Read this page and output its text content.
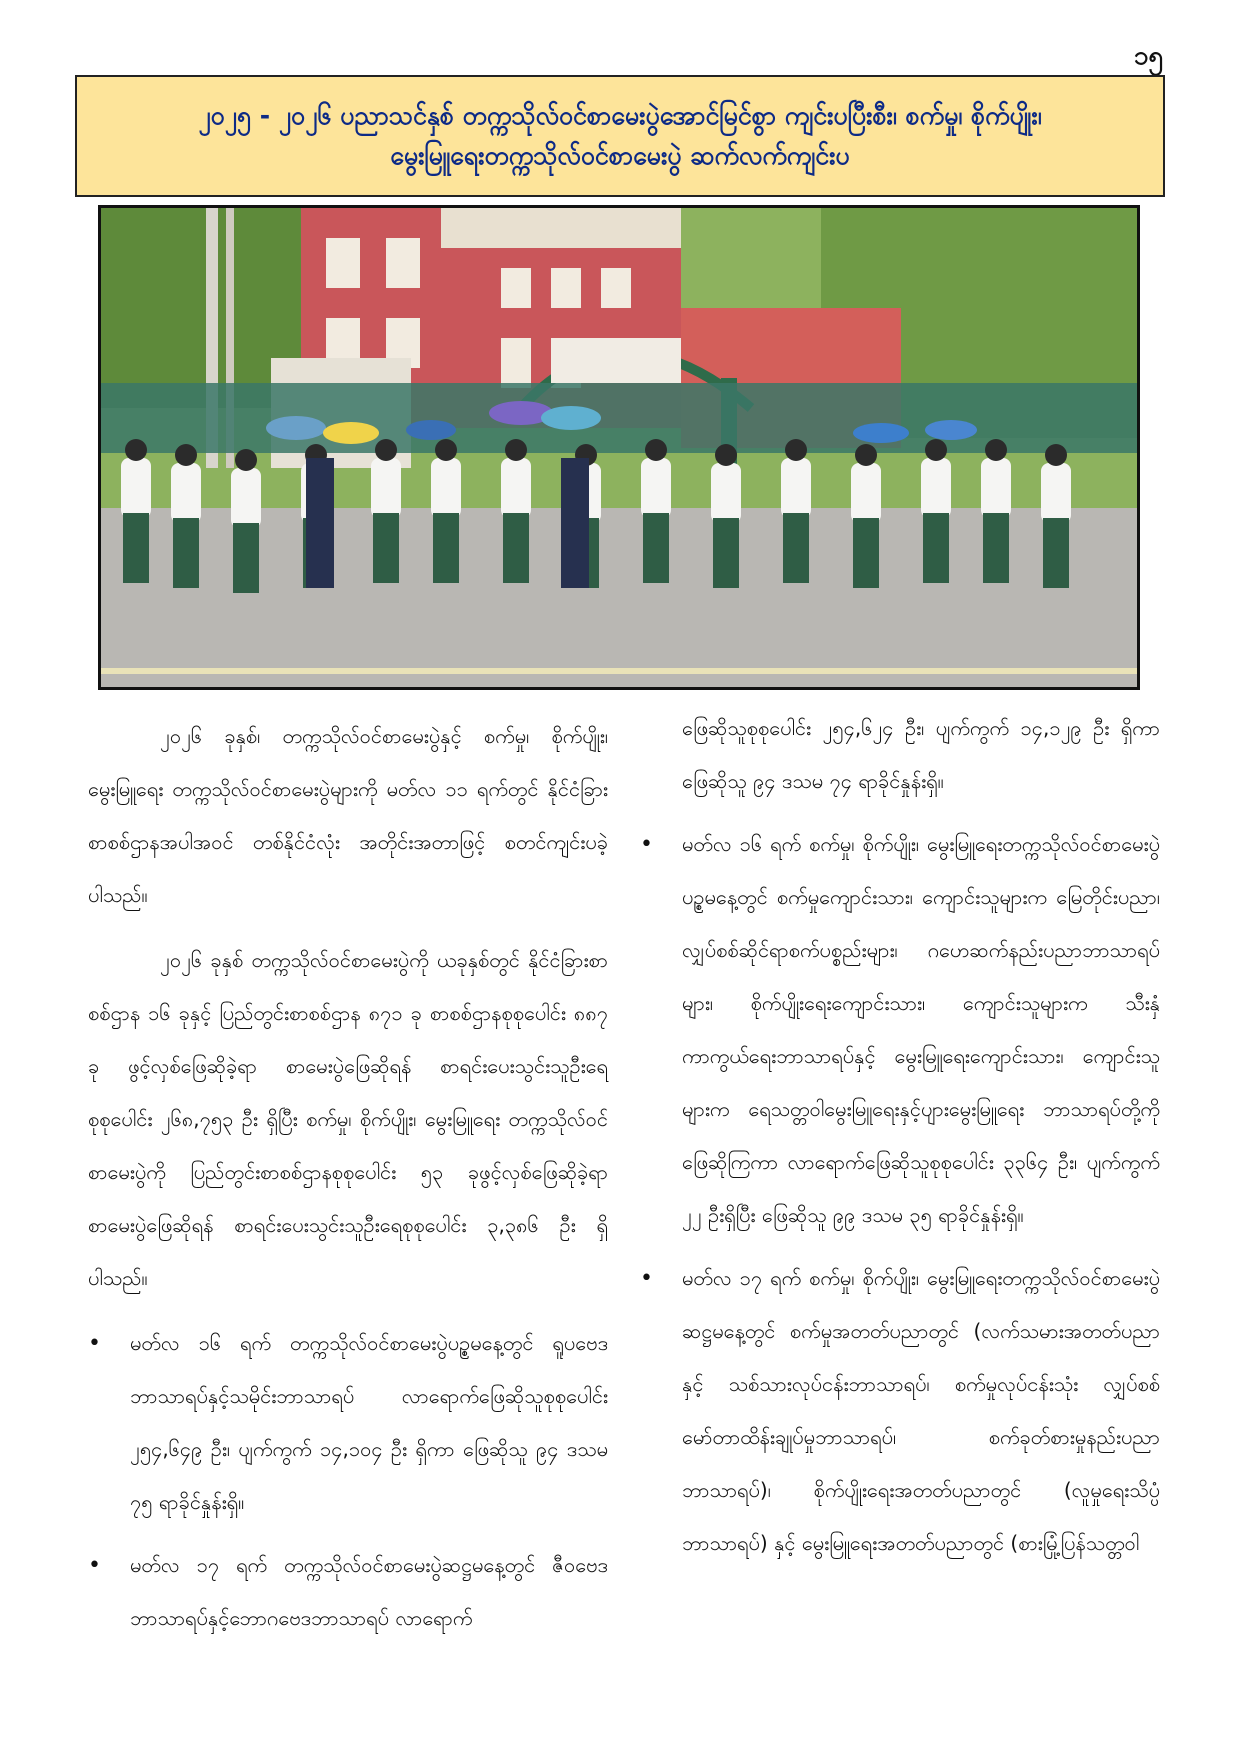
၁၅
၂၀၂၅ - ၂၀၂၆ ပညာသင်နှစ် တက္ကသိုလ်ဝင်စာမေးပွဲအောင်မြင်စွာ ကျင်းပပြီးစီး၊ စက်မှု၊ စိုက်ပျိုး၊
မွေးမြူရေးတက္ကသိုလ်ဝင်စာမေးပွဲ ဆက်လက်ကျင်းပ

၂၀၂၆ ခုနှစ်၊ တက္ကသိုလ်ဝင်စာမေးပွဲနှင့် စက်မှု၊ စိုက်ပျိုး၊ မွေးမြူရေး တက္ကသိုလ်ဝင်စာမေးပွဲများကို မတ်လ ၁၁ ရက်တွင် နိုင်ငံခြားစာစစ်ဌာနအပါအဝင် တစ်နိုင်ငံလုံး အတိုင်းအတာဖြင့် စတင်ကျင်းပခဲ့ပါသည်။

၂၀၂၆ ခုနှစ် တက္ကသိုလ်ဝင်စာမေးပွဲကို ယခုနှစ်တွင် နိုင်ငံခြားစာစစ်ဌာန ၁၆ ခုနှင့် ပြည်တွင်းစာစစ်ဌာန ၈၇၁ ခု စာစစ်ဌာနစုစုပေါင်း ၈၈၇ ခု ဖွင့်လှစ်ဖြေဆိုခဲ့ရာ စာမေးပွဲဖြေဆိုရန် စာရင်းပေးသွင်းသူဦးရေ စုစုပေါင်း ၂၆၈,၇၅၃ ဦး ရှိပြီး စက်မှု၊ စိုက်ပျိုး၊ မွေးမြူရေး တက္ကသိုလ်ဝင်စာမေးပွဲကို ပြည်တွင်းစာစစ်ဌာနစုစုပေါင်း ၅၃ ခုဖွင့်လှစ်ဖြေဆိုခဲ့ရာ စာမေးပွဲဖြေဆိုရန် စာရင်းပေးသွင်းသူဦးရေစုစုပေါင်း ၃,၃၈၆ ဦး ရှိပါသည်။

•	မတ်လ ၁၆ ရက် တက္ကသိုလ်ဝင်စာမေးပွဲပဉ္စမနေ့တွင် ရူပဗေဒဘာသာရပ်နှင့်သမိုင်းဘာသာရပ် လာရောက်ဖြေဆိုသူစုစုပေါင်း ၂၅၄,၆၄၉ ဦး၊ ပျက်ကွက် ၁၄,၁၀၄ ဦး ရှိကာ ဖြေဆိုသူ ၉၄ ဒသမ ၇၅ ရာခိုင်နှုန်းရှိ။
•	မတ်လ ၁၇ ရက် တက္ကသိုလ်ဝင်စာမေးပွဲဆဋ္ဌမနေ့တွင် ဇီဝဗေဒဘာသာရပ်နှင့်ဘောဂဗေဒဘာသာရပ် လာရောက်
ဖြေဆိုသူစုစုပေါင်း ၂၅၄,၆၂၄ ဦး၊ ပျက်ကွက် ၁၄,၁၂၉ ဦး ရှိကာ ဖြေဆိုသူ ၉၄ ဒသမ ၇၄ ရာခိုင်နှုန်းရှိ။
•	မတ်လ ၁၆ ရက် စက်မှု၊ စိုက်ပျိုး၊ မွေးမြူရေးတက္ကသိုလ်ဝင်စာမေးပွဲပဉ္စမနေ့တွင် စက်မှုကျောင်းသား၊ ကျောင်းသူများက မြေတိုင်းပညာ၊ လျှပ်စစ်ဆိုင်ရာစက်ပစ္စည်းများ၊ ဂဟေဆက်နည်းပညာဘာသာရပ်များ၊ စိုက်ပျိုးရေးကျောင်းသား၊ ကျောင်းသူများက သီးနှံကာကွယ်ရေးဘာသာရပ်နှင့် မွေးမြူရေးကျောင်းသား၊ ကျောင်းသူများက ရေသတ္တဝါမွေးမြူရေးနှင့်ပျားမွေးမြူရေး ဘာသာရပ်တို့ကိုဖြေဆိုကြကာ လာရောက်ဖြေဆိုသူစုစုပေါင်း ၃၃၆၄ ဦး၊ ပျက်ကွက် ၂၂ ဦးရှိပြီး ဖြေဆိုသူ ၉၉ ဒသမ ၃၅ ရာခိုင်နှုန်းရှိ။
•	မတ်လ ၁၇ ရက် စက်မှု၊ စိုက်ပျိုး၊ မွေးမြူရေးတက္ကသိုလ်ဝင်စာမေးပွဲဆဋ္ဌမနေ့တွင် စက်မှုအတတ်ပညာတွင် (လက်သမားအတတ်ပညာနှင့် သစ်သားလုပ်ငန်းဘာသာရပ်၊ စက်မှုလုပ်ငန်းသုံး လျှပ်စစ်မော်တာထိန်းချုပ်မှုဘာသာရပ်၊ စက်ခုတ်စားမှုနည်းပညာဘာသာရပ်)၊ စိုက်ပျိုးရေးအတတ်ပညာတွင် (လူမှုရေးသိပ္ပံဘာသာရပ်) နှင့် မွေးမြူရေးအတတ်ပညာတွင် (စားမြုံ့ပြန်သတ္တဝါ
